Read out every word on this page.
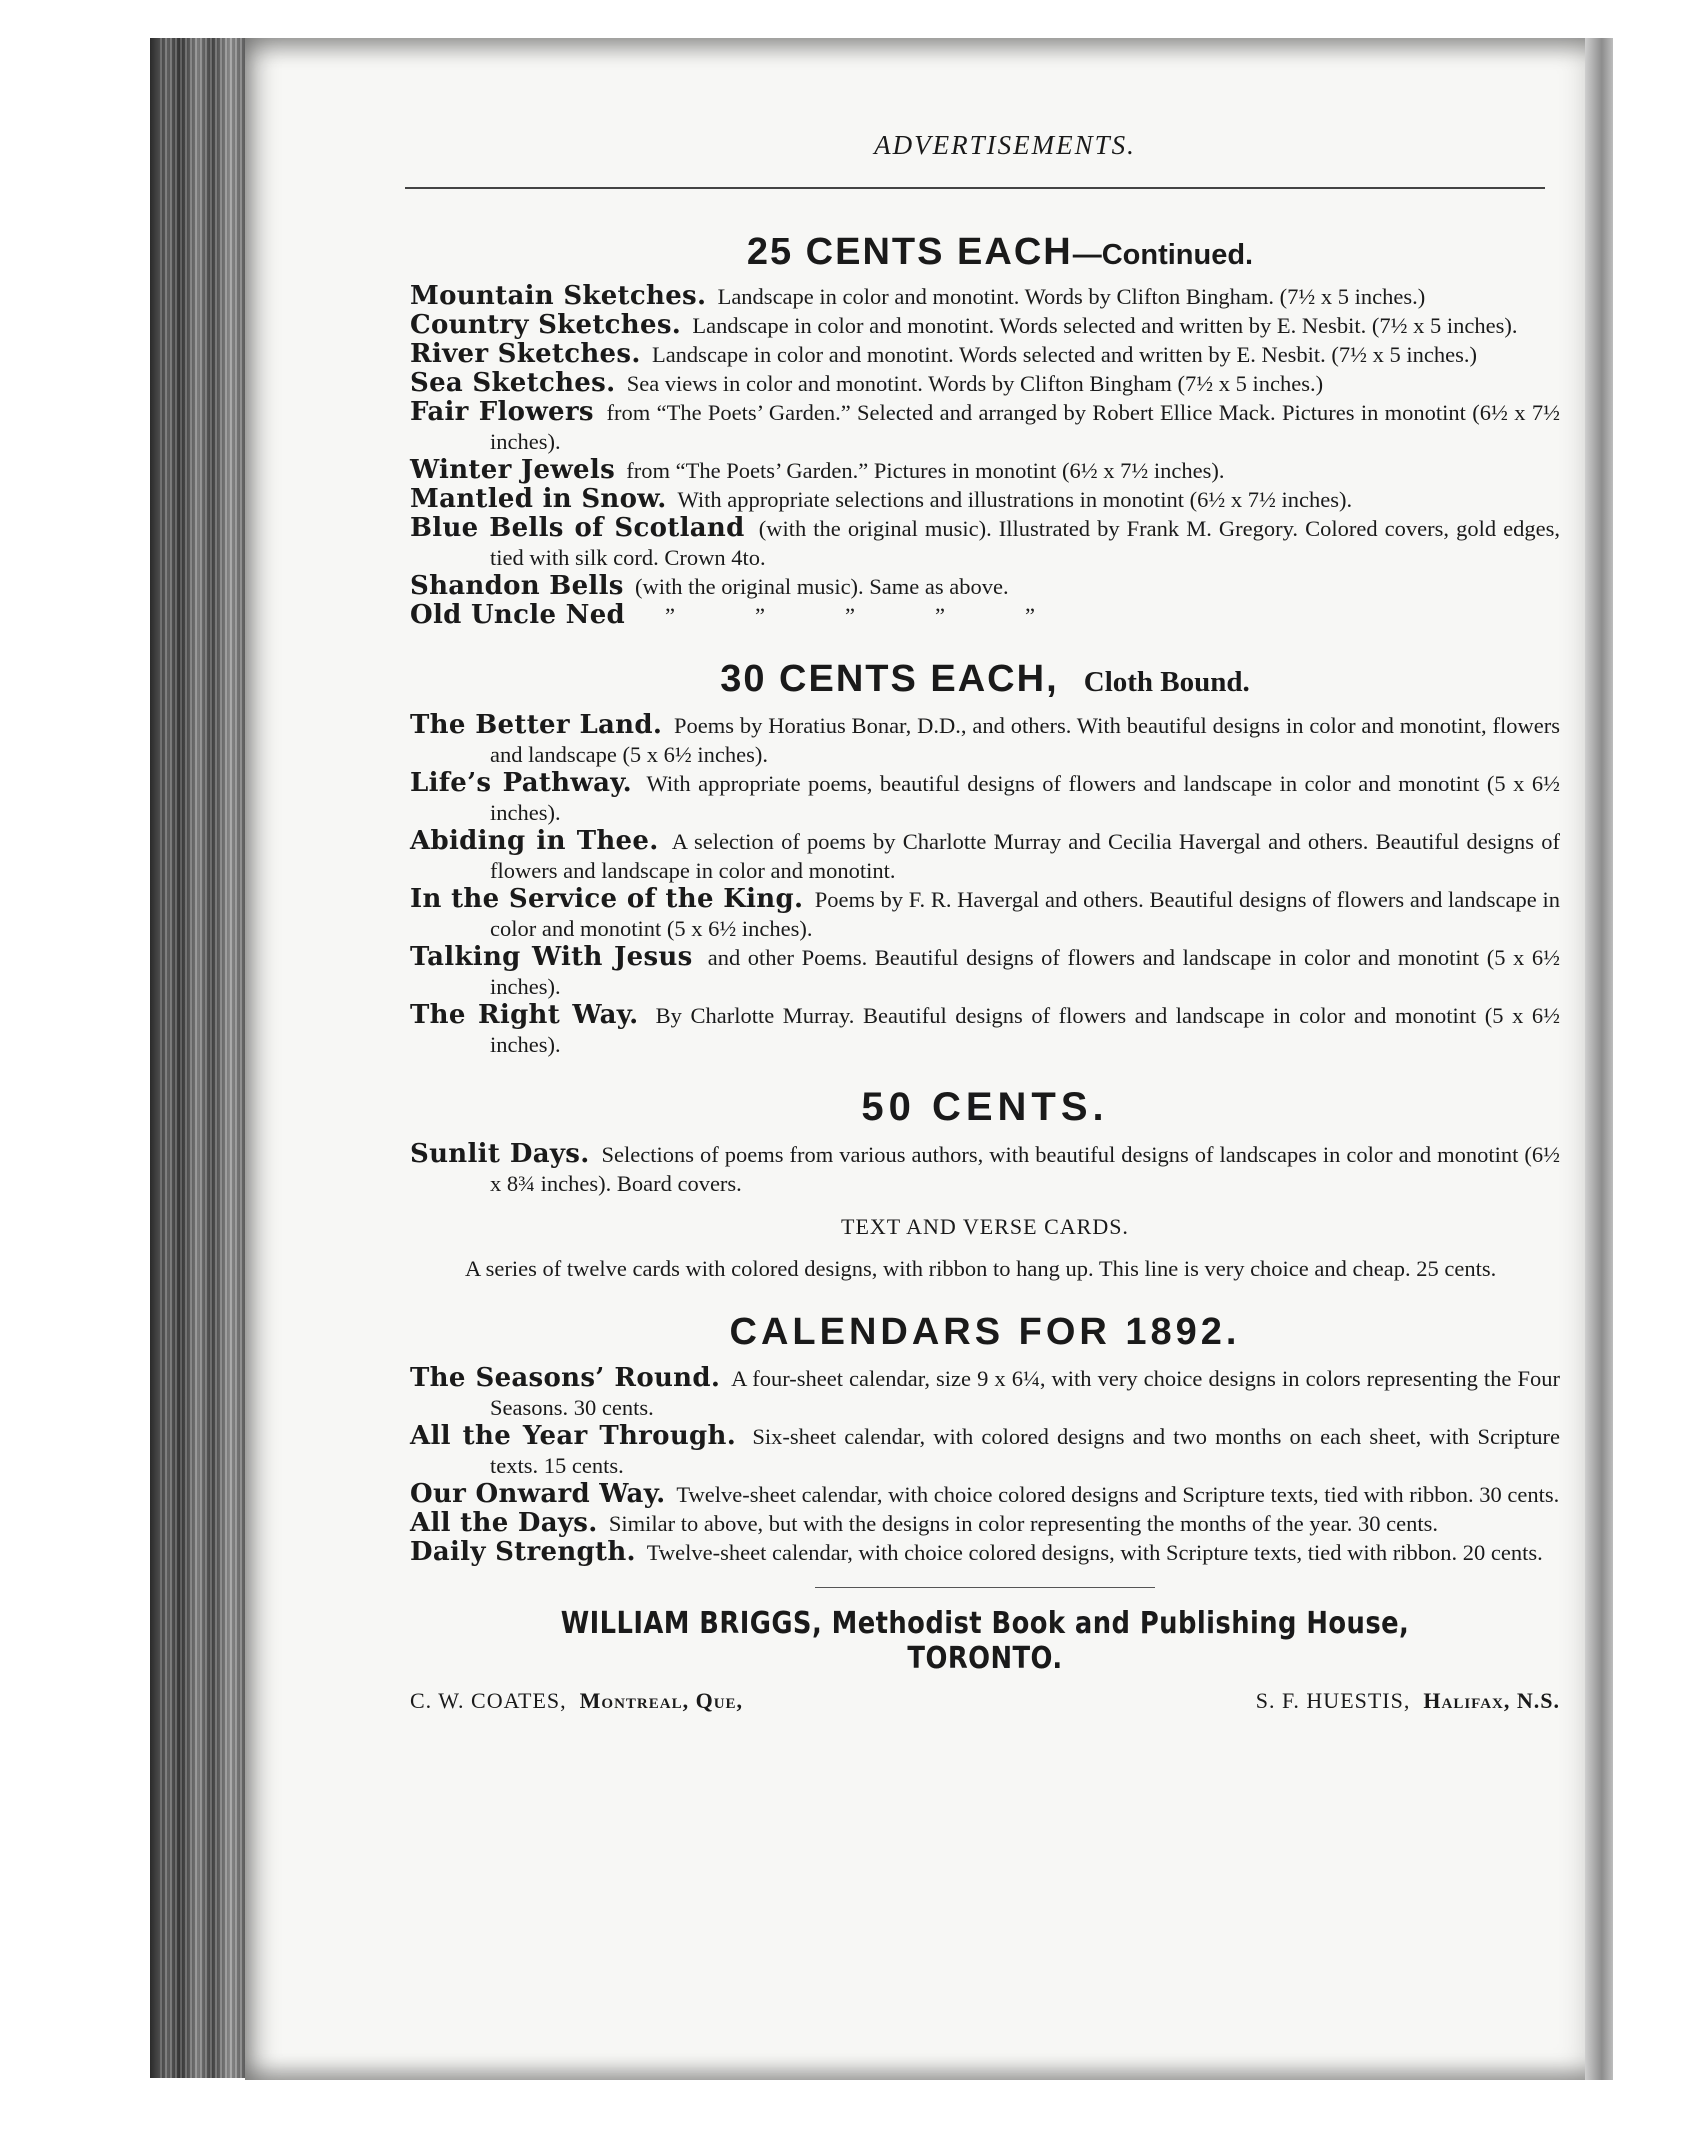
ADVERTISEMENTS.
25 CENTS EACH—Continued.
Mountain Sketches. Landscape in color and monotint. Words by Clifton Bingham. (7½ x 5 inches.)
Country Sketches. Landscape in color and monotint. Words selected and written by E. Nesbit. (7½ x 5 inches).
River Sketches. Landscape in color and monotint. Words selected and written by E. Nesbit. (7½ x 5 inches.)
Sea Sketches. Sea views in color and monotint. Words by Clifton Bingham (7½ x 5 inches.)
Fair Flowers from “The Poets’ Garden.” Selected and arranged by Robert Ellice Mack. Pictures in monotint (6½ x 7½ inches).
Winter Jewels from “The Poets’ Garden.” Pictures in monotint (6½ x 7½ inches).
Mantled in Snow. With appropriate selections and illustrations in monotint (6½ x 7½ inches).
Blue Bells of Scotland (with the original music). Illustrated by Frank M. Gregory. Colored covers, gold edges, tied with silk cord. Crown 4to.
Shandon Bells (with the original music). Same as above.
Old Uncle Ned ”	”	”	”	”
30 CENTS EACH, Cloth Bound.
The Better Land. Poems by Horatius Bonar, D.D., and others. With beautiful designs in color and monotint, flowers and landscape (5 x 6½ inches).
Life’s Pathway. With appropriate poems, beautiful designs of flowers and landscape in color and monotint (5 x 6½ inches).
Abiding in Thee. A selection of poems by Charlotte Murray and Cecilia Havergal and others. Beautiful designs of flowers and landscape in color and monotint.
In the Service of the King. Poems by F. R. Havergal and others. Beautiful designs of flowers and landscape in color and monotint (5 x 6½ inches).
Talking With Jesus and other Poems. Beautiful designs of flowers and landscape in color and monotint (5 x 6½ inches).
The Right Way. By Charlotte Murray. Beautiful designs of flowers and landscape in color and monotint (5 x 6½ inches).
50 CENTS.
Sunlit Days. Selections of poems from various authors, with beautiful designs of landscapes in color and monotint (6½ x 8¾ inches). Board covers.
TEXT AND VERSE CARDS.
A series of twelve cards with colored designs, with ribbon to hang up. This line is very choice and cheap. 25 cents.
CALENDARS FOR 1892.
The Seasons’ Round. A four-sheet calendar, size 9 x 6¼, with very choice designs in colors representing the Four Seasons. 30 cents.
All the Year Through. Six-sheet calendar, with colored designs and two months on each sheet, with Scripture texts. 15 cents.
Our Onward Way. Twelve-sheet calendar, with choice colored designs and Scripture texts, tied with ribbon. 30 cents.
All the Days. Similar to above, but with the designs in color representing the months of the year. 30 cents.
Daily Strength. Twelve-sheet calendar, with choice colored designs, with Scripture texts, tied with ribbon. 20 cents.
WILLIAM BRIGGS, Methodist Book and Publishing House, TORONTO.
C. W. COATES, Montreal, Que,	S. F. HUESTIS, Halifax, N.S.
